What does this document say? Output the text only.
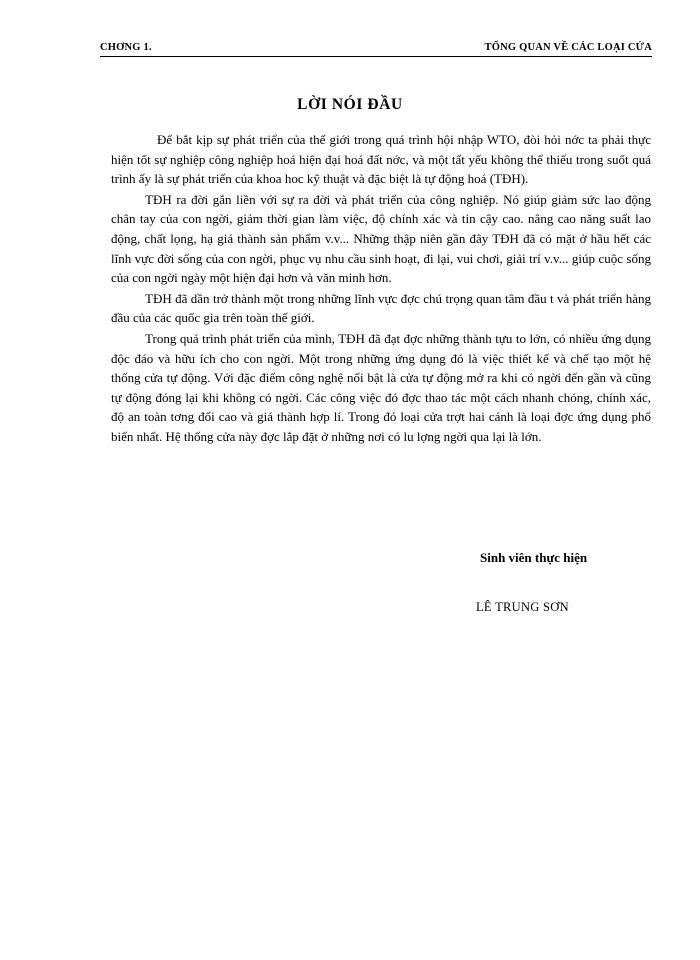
CHƠNG 1.	TỔNG QUAN VỀ CÁC LOẠI CỬA
LỜI NÓI ĐẦU

Để bắt kịp sự phát triển của thế giới trong quá trình hội nhập WTO, đòi hỏi nớc ta phải thực hiện tốt sự nghiệp công nghiệp hoá hiện đại hoá đất nớc, và một tất yếu không thể thiếu trong suốt quá trình ấy là sự phát triển của khoa hoc kỹ thuật và đặc biệt là tự động hoá (TĐH).

TĐH ra đời gắn liền với sự ra đời và phát triển của công nghiệp. Nó giúp giảm sức lao động chân tay của con ngời, giảm thời gian làm việc, độ chính xác và tin cậy cao. nâng cao năng suất lao động, chất lọng, hạ giá thành sản phẩm v.v... Những thập niên gần đây TĐH đã có mặt ở hầu hết các lĩnh vực đời sống của con ngời, phục vụ nhu cầu sinh hoạt, đi lại, vui chơi, giải trí v.v... giúp cuộc sống của con ngời ngày một hiện đại hơn và văn minh hơn.

TĐH đã dần trở thành một trong những lĩnh vực đợc chú trọng quan tâm đầu t và phát triển hàng đầu của các quốc gia trên toàn thế giới.

Trong quá trình phát triển của mình, TĐH đã đạt đợc những thành tựu to lớn, có nhiều ứng dụng độc đáo và hữu ích cho con ngời. Một trong những ứng dụng đó là việc thiết kế và chế tạo một hệ thống cửa tự động. Với đặc điểm công nghệ nổi bật là cửa tự động mở ra khi có ngời đến gần và cũng tự động đóng lại khi không có ngời. Các công việc đó đợc thao tác một cách nhanh chóng, chính xác, độ an toàn tơng đối cao và giá thành hợp lí. Trong đó loại cửa trợt hai cánh là loại đợc ứng dụng phổ biến nhất. Hệ thống cửa này đợc lắp đặt ở những nơi có lu lợng ngời qua lại là lớn.

Sinh viên thực hiện
LÊ TRUNG SƠN
